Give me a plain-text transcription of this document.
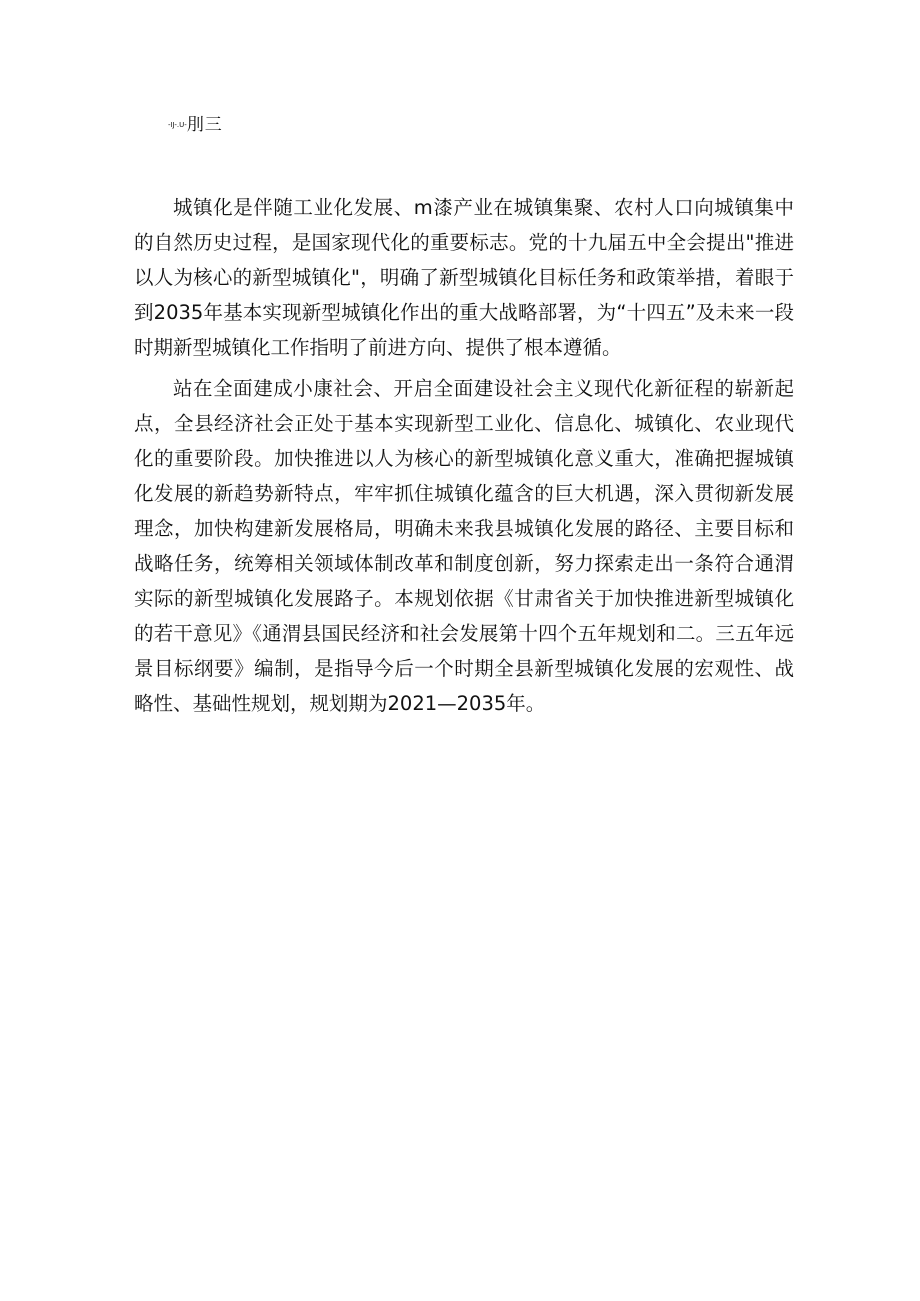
-IJ-.U-刖三

城镇化是伴随工业化发展、m漆产业在城镇集聚、农村人口向城镇集中的自然历史过程，是国家现代化的重要标志。党的十九届五中全会提出"推进以人为核心的新型城镇化"，明确了新型城镇化目标任务和政策举措，着眼于到2035年基本实现新型城镇化作出的重大战略部署，为“十四五”及未来一段时期新型城镇化工作指明了前进方向、提供了根本遵循。

站在全面建成小康社会、开启全面建设社会主义现代化新征程的崭新起点，全县经济社会正处于基本实现新型工业化、信息化、城镇化、农业现代化的重要阶段。加快推进以人为核心的新型城镇化意义重大，准确把握城镇化发展的新趋势新特点，牢牢抓住城镇化蕴含的巨大机遇，深入贯彻新发展理念，加快构建新发展格局，明确未来我县城镇化发展的路径、主要目标和战略任务，统筹相关领域体制改革和制度创新，努力探索走出一条符合通渭实际的新型城镇化发展路子。本规划依据《甘肃省关于加快推进新型城镇化的若干意见》《通渭县国民经济和社会发展第十四个五年规划和二。三五年远景目标纲要》编制，是指导今后一个时期全县新型城镇化发展的宏观性、战略性、基础性规划，规划期为2021—2035年。
